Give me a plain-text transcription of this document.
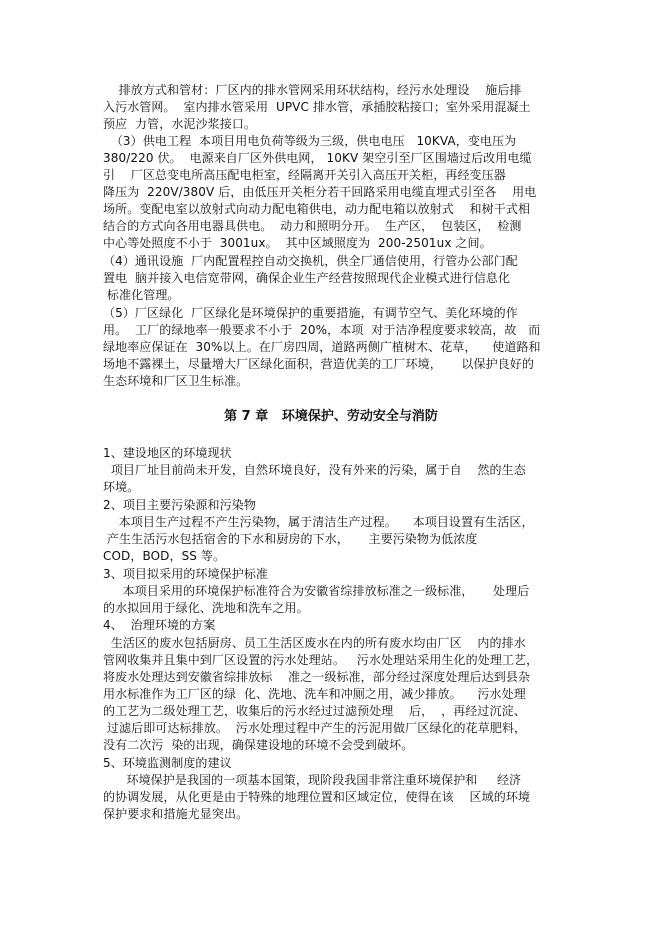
排放方式和管材：厂区内的排水管网采用环状结构，经污水处理设    施后排
入污水管网。  室内排水管采用  UPVC 排水管，承插胶粘接口；室外采用混凝土
预应  力管，水泥沙浆接口。
（3）供电工程  本项目用电负荷等级为三级，供电电压   10KVA，变电压为
380/220 伏。  电源来自厂区外供电网， 10KV 架空引至厂区围墙过后改用电缆
引    厂区总变电所高压配电柜室，经隔离开关引入高压开关柜，再经变压器
降压为  220V/380V 后，由低压开关柜分若干回路采用电缆直埋式引至各    用电
场所。变配电室以放射式向动力配电箱供电，动力配电箱以放射式    和树干式相
结合的方式向各用电器具供电。  动力和照明分开。  生产区，  包装区，  检测
中心等处照度不小于  3001ux。  其中区域照度为  200-2501ux 之间。
（4）通讯设施  厂内配置程控自动交换机，供全厂通信使用，行管办公部门配
置电  脑并接入电信宽带网，确保企业生产经营按照现代企业模式进行信息化
标准化管理。
（5）厂区绿化  厂区绿化是环境保护的重要措施，有调节空气、美化环境的作
用。  工厂的绿地率一般要求不小于  20%，本项  对于洁净程度要求较高，故   而
绿地率应保证在  30%以上。在厂房四周，道路两侧广植树木、花草，    使道路和
场地不露裸土，尽量增大厂区绿化面积，营造优美的工厂环境，     以保护良好的
生态环境和厂区卫生标准。
第 7 章   环境保护、劳动安全与消防
1、建设地区的环境现状
项目厂址目前尚未开发，自然环境良好，没有外来的污染，属于自    然的生态
环境。
2、项目主要污染源和污染物
本项目生产过程不产生污染物，属于清洁生产过程。    本项目设置有生活区，
产生生活污水包括宿舍的下水和厨房的下水，     主要污染物为低浓度
COD，BOD，SS 等。
3、项目拟采用的环境保护标准
本项目采用的环境保护标准符合为安徽省综排放标准之一级标准，     处理后
的水拟回用于绿化、洗地和洗车之用。
4、  治理环境的方案
生活区的废水包括厨房、员工生活区废水在内的所有废水均由厂区    内的排水
管网收集并且集中到厂区设置的污水处理站。   污水处理站采用生化的处理工艺，
将废水处理达到安徽省综排放标    准之一级标准，部分经过深度处理后达到县杂
用水标准作为工厂区的绿  化、洗地、洗车和冲厕之用，减少排放。    污水处理
的工艺为二级处理工艺，收集后的污水经过过滤预处理    后，  ，再经过沉淀、
过滤后即可达标排放。  污水处理过程中产生的污泥用做厂区绿化的花草肥料，
没有二次污  染的出现，确保建设地的环境不会受到破坏。
5、环境监测制度的建议
环境保护是我国的一项基本国策，现阶段我国非常注重环境保护和     经济
的协调发展，从化更是由于特殊的地理位置和区域定位，使得在该    区域的环境
保护要求和措施尤显突出。
